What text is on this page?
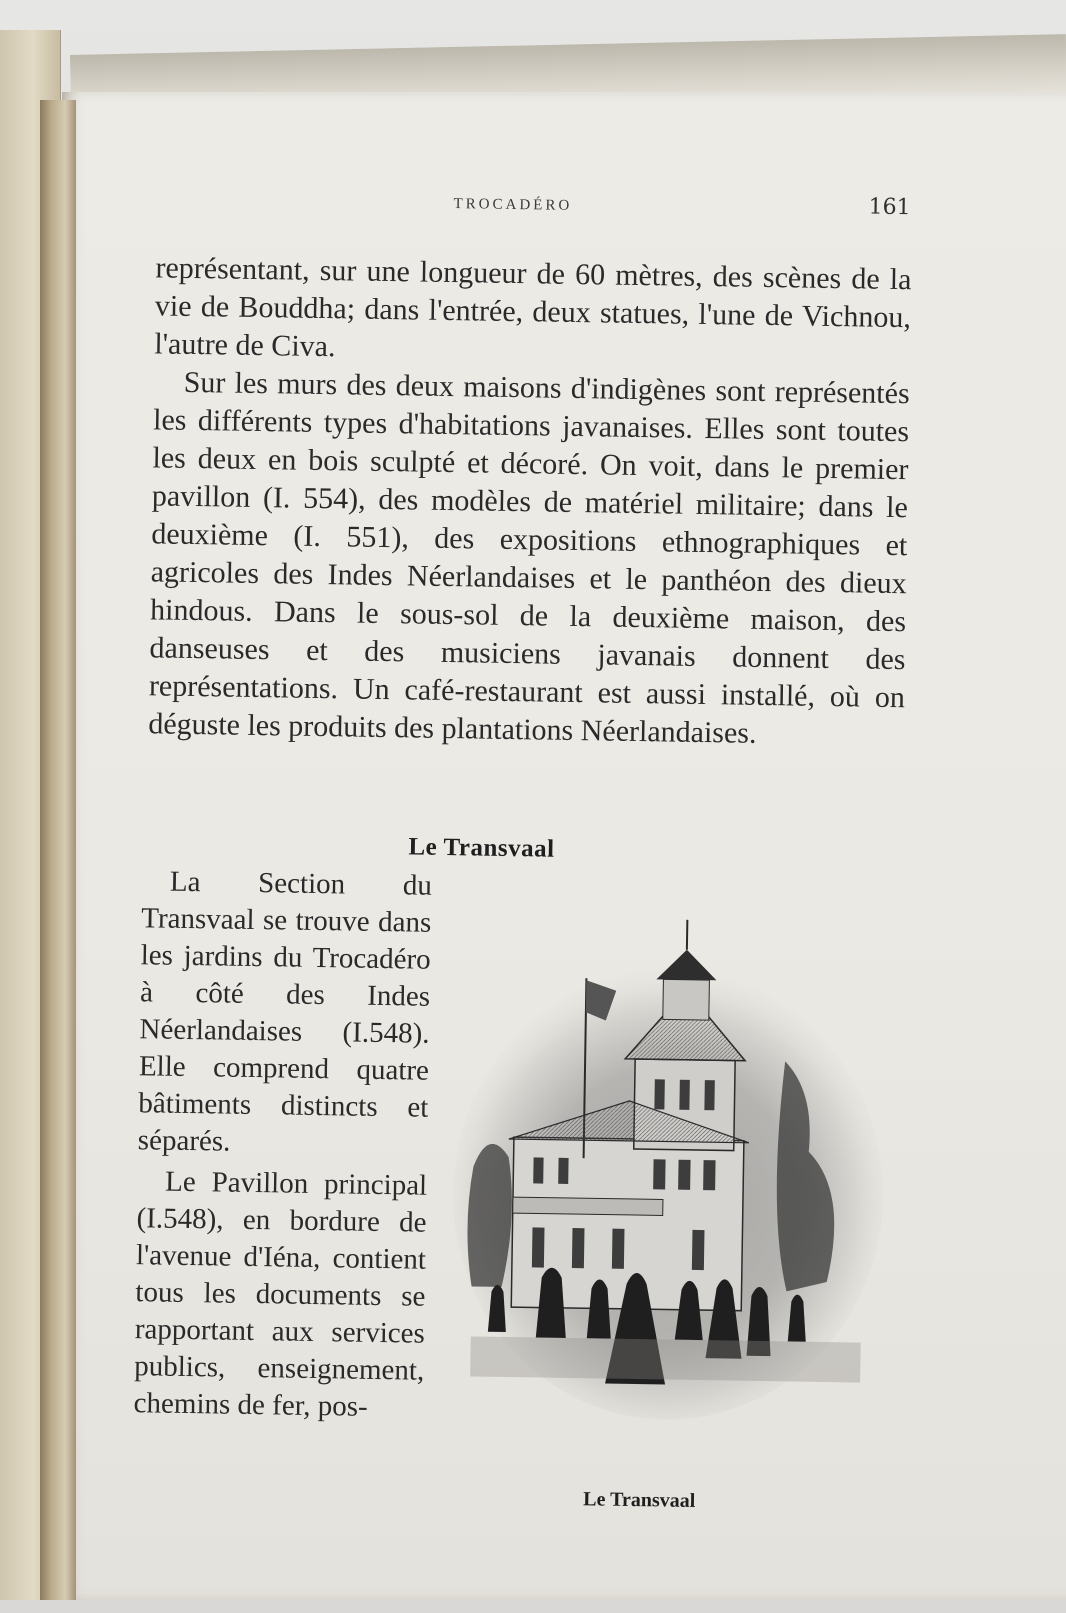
TROCADÉRO	161

représentant, sur une longueur de 60 mètres, des scènes de la vie de Bouddha; dans l'entrée, deux statues, l'une de Vichnou, l'autre de Civa.

Sur les murs des deux maisons d'indigènes sont représentés les différents types d'habitations javanaises. Elles sont toutes les deux en bois sculpté et décoré. On voit, dans le premier pavillon (I. 554), des modèles de matériel militaire; dans le deuxième (I. 551), des expositions ethnographiques et agricoles des Indes Néerlandaises et le panthéon des dieux hindous. Dans le sous-sol de la deuxième maison, des danseuses et des musiciens javanais donnent des représentations. Un café-restaurant est aussi installé, où on déguste les produits des plantations Néerlandaises.

Le Transvaal

La Section du Transvaal se trouve dans les jardins du Trocadéro à côté des Indes Néerlandaises (I.548). Elle comprend quatre bâtiments distincts et séparés.

Le Pavillon principal (I.548), en bordure de l'avenue d'Iéna, contient tous les documents se rapportant aux services publics, enseignement, chemins de fer, pos-

Le Transvaal
